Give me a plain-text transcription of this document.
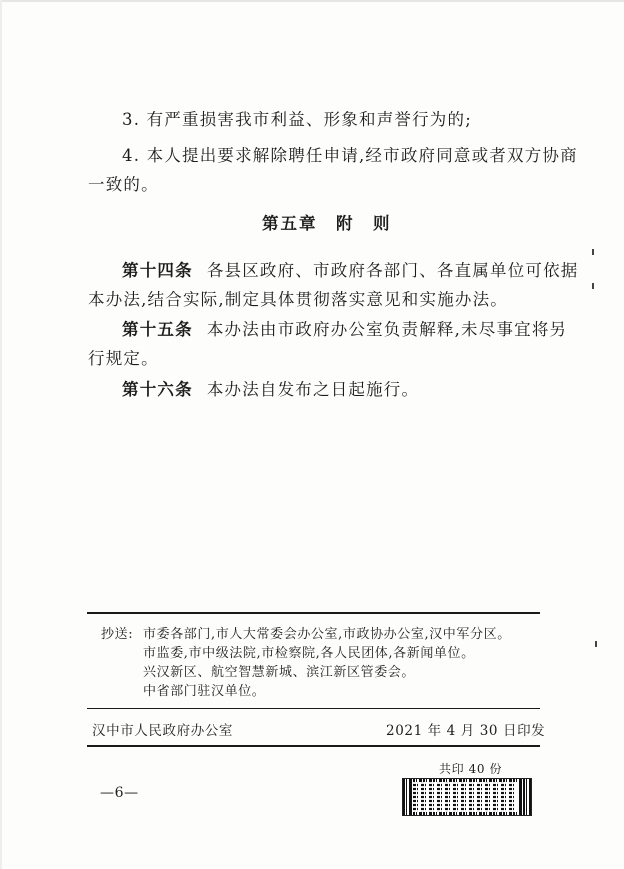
3. 有严重损害我市利益、形象和声誉行为的;
4. 本人提出要求解除聘任申请,经市政府同意或者双方协商
一致的。
第五章　附　则
第十四条 各县区政府、市政府各部门、各直属单位可依据
本办法,结合实际,制定具体贯彻落实意见和实施办法。
第十五条 本办法由市政府办公室负责解释,未尽事宜将另
行规定。
第十六条 本办法自发布之日起施行。
抄送: 市委各部门,市人大常委会办公室,市政协办公室,汉中军分区。
市监委,市中级法院,市检察院,各人民团体,各新闻单位。
兴汉新区、航空智慧新城、滨江新区管委会。
中省部门驻汉单位。
汉中市人民政府办公室	2021 年 4 月 30 日印发
共印 40 份
—6—
